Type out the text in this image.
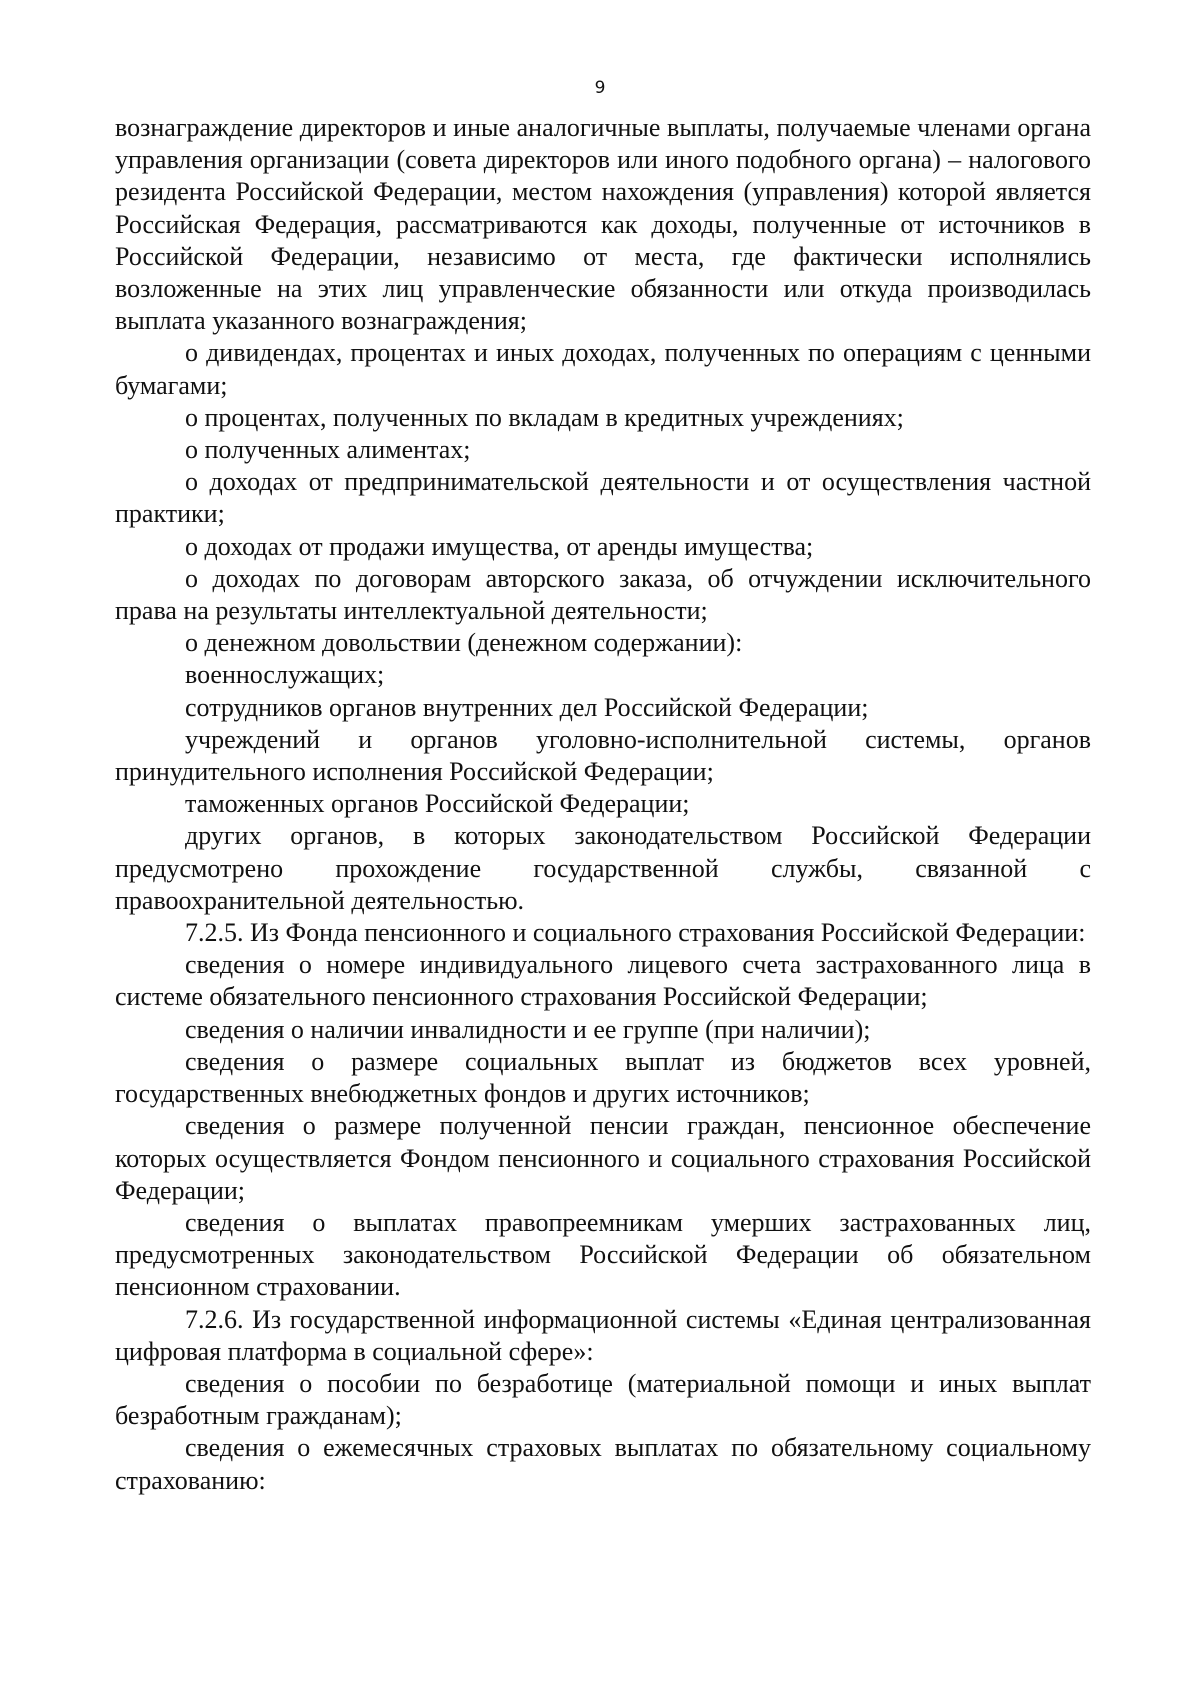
9

вознаграждение директоров и иные аналогичные выплаты, получаемые членами органа управления организации (совета директоров или иного подобного органа) – налогового резидента Российской Федерации, местом нахождения (управления) которой является Российская Федерация, рассматриваются как доходы, полученные от источников в Российской Федерации, независимо от места, где фактически исполнялись возложенные на этих лиц управленческие обязанности или откуда производилась выплата указанного вознаграждения;

о дивидендах, процентах и иных доходах, полученных по операциям с ценными бумагами;

о процентах, полученных по вкладам в кредитных учреждениях;

о полученных алиментах;

о доходах от предпринимательской деятельности и от осуществления частной практики;

о доходах от продажи имущества, от аренды имущества;

о доходах по договорам авторского заказа, об отчуждении исключительного права на результаты интеллектуальной деятельности;

о денежном довольствии (денежном содержании):

военнослужащих;

сотрудников органов внутренних дел Российской Федерации;

учреждений и органов уголовно-исполнительной системы, органов принудительного исполнения Российской Федерации;

таможенных органов Российской Федерации;

других органов, в которых законодательством Российской Федерации предусмотрено прохождение государственной службы, связанной с правоохранительной деятельностью.

7.2.5. Из Фонда пенсионного и социального страхования Российской Федерации:

сведения о номере индивидуального лицевого счета застрахованного лица в системе обязательного пенсионного страхования Российской Федерации;

сведения о наличии инвалидности и ее группе (при наличии);

сведения о размере социальных выплат из бюджетов всех уровней, государственных внебюджетных фондов и других источников;

сведения о размере полученной пенсии граждан, пенсионное обеспечение которых осуществляется Фондом пенсионного и социального страхования Российской Федерации;

сведения о выплатах правопреемникам умерших застрахованных лиц, предусмотренных законодательством Российской Федерации об обязательном пенсионном страховании.

7.2.6. Из государственной информационной системы «Единая централизованная цифровая платформа в социальной сфере»:

сведения о пособии по безработице (материальной помощи и иных выплат безработным гражданам);

сведения о ежемесячных страховых выплатах по обязательному социальному страхованию:
